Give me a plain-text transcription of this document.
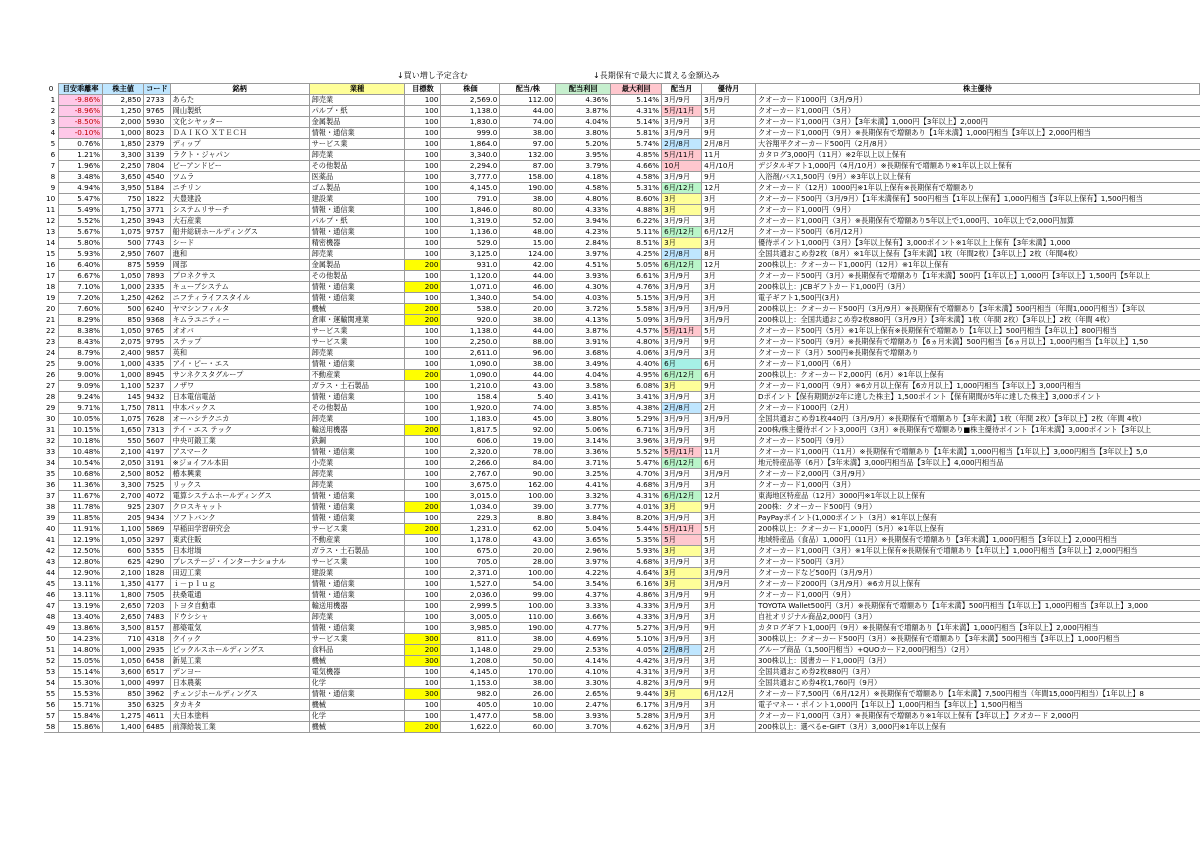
↓買い増し予定含む	↓長期保有で最大に貰える金額込み
0	目安乖離率	株主値	コード	銘柄	業種	目標数	株価	配当/株	配当利回	最大利回	配当月	優待月	株主優待
1	-9.86%	2,850	2733	あらた	卸売業	100	2,569.0	112.00	4.36%	5.14%	3月/9月	3月/9月	クオーカード1000円（3月/9月）
2	-8.96%	1,250	9765	岡山製紙	パルプ・紙	100	1,138.0	44.00	3.87%	4.31%	5月/11月	5月	クオーカード1,000円（5月）
3	-8.50%	2,000	5930	文化シヤッター	金属製品	100	1,830.0	74.00	4.04%	5.14%	3月/9月	3月	クオーカード1,000円（3月）【3年未満】1,000円【3年以上】2,000円
4	-0.10%	1,000	8023	ＤＡＩＫＯ ＸＴＥＣＨ	情報・通信業	100	999.0	38.00	3.80%	5.81%	3月/9月	9月	クオーカード1,000円（9月）※長期保有で増額あり【1年未満】1,000円相当【3年以上】2,000円相当
5	0.76%	1,850	2379	ディップ	サービス業	100	1,864.0	97.00	5.20%	5.74%	2月/8月	2月/8月	大谷翔平クオーカード500円（2月/8月）
6	1.21%	3,300	3139	ラクト・ジャパン	卸売業	100	3,340.0	132.00	3.95%	4.85%	5月/11月	11月	カタログ3,000円（11月）※2年以上以上保有
7	1.96%	2,250	7804	ビーアンドビー	その他製品	100	2,294.0	87.00	3.79%	4.66%	10月	4月/10月	デジタルギフト1,000円（4月/10月）※長期保有で増額あり※1年以上以上保有
8	3.48%	3,650	4540	ツムラ	医薬品	100	3,777.0	158.00	4.18%	4.58%	3月/9月	9月	入浴剤/バス1,500円（9月）※3年以上以上保有
9	4.94%	3,950	5184	ニチリン	ゴム製品	100	4,145.0	190.00	4.58%	5.31%	6月/12月	12月	クオーカード（12月）1000円※1年以上保有※長期保有で増額あり
10	5.47%	750	1822	大豊建設	建設業	100	791.0	38.00	4.80%	8.60%	3月	3月	クオーカード500円（3月/9月）【1年未満保有】500円相当【1年以上保有】1,000円相当【3年以上保有】1,500円相当
11	5.49%	1,750	3771	システムリサーチ	情報・通信業	100	1,846.0	80.00	4.33%	4.88%	3月	9月	クオーカード1,000円（9月）
12	5.52%	1,250	3943	大石産業	パルプ・紙	100	1,319.0	52.00	3.94%	6.22%	3月/9月	3月	クオーカード1,000円（3月）※長期保有で増額あり5年以上で1,000円、10年以上で2,000円加算
13	5.67%	1,075	9757	船井総研ホールディングス	情報・通信業	100	1,136.0	48.00	4.23%	5.11%	6月/12月	6月/12月	クオーカード500円（6月/12月）
14	5.80%	500	7743	シード	精密機器	100	529.0	15.00	2.84%	8.51%	3月	3月	優待ポイント1,000円（3月）【3年以上保有】3,000ポイント※1年以上上保有【3年未満】1,000
15	5.93%	2,950	7607	進和	卸売業	100	3,125.0	124.00	3.97%	4.25%	2月/8月	8月	全国共通おこめ券2枚（8月）※1年以上保有【3年未満】1枚（年間2枚）【3年以上】2枚（年間4枚）
16	6.40%	875	5959	岡部	金属製品	200	931.0	42.00	4.51%	5.05%	6月/12月	12月	200株以上：クオーカード1,000円（12月）※1年以上保有
17	6.67%	1,050	7893	プロネクサス	その他製品	100	1,120.0	44.00	3.93%	6.61%	3月/9月	3月	クオーカード500円（3月）※長期保有で増額あり【1年未満】500円【1年以上】1,000円【3年以上】1,500円【5年以上
18	7.10%	1,000	2335	キューブシステム	情報・通信業	200	1,071.0	46.00	4.30%	4.76%	3月/9月	3月	200株以上：JCBギフトカード1,000円（3月）
19	7.20%	1,250	4262	ニフティライフスタイル	情報・通信業	100	1,340.0	54.00	4.03%	5.15%	3月/9月	3月	電子ギフト1,500円(3月)
20	7.60%	500	6240	ヤマシンフィルタ	機械	200	538.0	20.00	3.72%	5.58%	3月/9月	3月/9月	200株以上：クオーカード500円（3月/9月）※長期保有で増額あり【3年未満】500円相当（年間1,000円相当）【3年以
21	8.29%	850	9368	キムラユニティー	倉庫・運輸関連業	200	920.0	38.00	4.13%	5.09%	3月/9月	3月/9月	200株以上：全国共通おこめ券2枚880円（3月/9月）【3年未満】1枚（年間 2枚）【3年以上】2枚（年間 4枚）
22	8.38%	1,050	9765	オオバ	サービス業	100	1,138.0	44.00	3.87%	4.57%	5月/11月	5月	クオーカード500円（5月）※1年以上保有※長期保有で増額あり【1年以上】500円相当【3年以上】800円相当
23	8.43%	2,075	9795	ステップ	サービス業	100	2,250.0	88.00	3.91%	4.80%	3月/9月	9月	クオーカード500円（9月）※長期保有で増額あり【6ヵ月未満】500円相当【6ヵ月以上】1,000円相当【1年以上】1,50
24	8.79%	2,400	9857	英和	卸売業	100	2,611.0	96.00	3.68%	4.06%	3月/9月	3月	クオーカード（3月）500円※長期保有で増額あり
25	9.00%	1,000	4335	アイ・ピー・エス	情報・通信業	100	1,090.0	38.00	3.49%	4.40%	6月	6月	クオーカード1,000円（6月）
26	9.00%	1,000	8945	サンネクスタグループ	不動産業	200	1,090.0	44.00	4.04%	4.95%	6月/12月	6月	200株以上：クオーカード2,000円（6月）※1年以上保有
27	9.09%	1,100	5237	ノザワ	ガラス・土石製品	100	1,210.0	43.00	3.58%	6.08%	3月	9月	クオーカード1,000円（9月）※6カ月以上保有【6カ月以上】1,000円相当【3年以上】3,000円相当
28	9.24%	145	9432	日本電信電話	情報・通信業	100	158.4	5.40	3.41%	3.41%	3月/9月	3月	Dポイント【保有期間が2年に達した株主】1,500ポイント【保有期間が5年に達した株主】3,000ポイント
29	9.71%	1,750	7811	中本パックス	その他製品	100	1,920.0	74.00	3.85%	4.38%	2月/8月	2月	クオーカード1000円（2月）
30	10.05%	1,075	7628	オーハシテクニカ	卸売業	100	1,183.0	45.00	3.80%	5.29%	3月/9月	3月/9月	全国共通おこめ券1枚440円（3月/9月）※長期保有で増額あり【3年未満】1枚（年間 2枚）【3年以上】2枚（年間 4枚）
31	10.15%	1,650	7313	テイ・エス テック	輸送用機器	200	1,817.5	92.00	5.06%	6.71%	3月/9月	3月	200株/株主優待ポイント3,000円（3月）※長期保有で増額あり■株主優待ポイント【1年未満】3,000ポイント【3年以上
32	10.18%	550	5607	中央可鍛工業	鉄鋼	100	606.0	19.00	3.14%	3.96%	3月/9月	9月	クオーカード500円（9月）
33	10.48%	2,100	4197	アスマーク	情報・通信業	100	2,320.0	78.00	3.36%	5.52%	5月/11月	11月	クオーカード1,000円（11月）※長期保有で増額あり【1年未満】1,000円相当【1年以上】3,000円相当【3年以上】5,0
34	10.54%	2,050	3191	※ジョイフル本田	小売業	100	2,266.0	84.00	3.71%	5.47%	6月/12月	6月	地元特産品等（6月）【3年未満】3,000円相当品【3年以上】4,000円相当品
35	10.68%	2,500	8052	椿本興業	卸売業	100	2,767.0	90.00	3.25%	4.70%	3月/9月	3月/9月	クオーカード2,000円（3月/9月）
36	11.36%	3,300	7525	リックス	卸売業	100	3,675.0	162.00	4.41%	4.68%	3月/9月	3月	クオーカード1,000円（3月）
37	11.67%	2,700	4072	電算システムホールディングス	情報・通信業	100	3,015.0	100.00	3.32%	4.31%	6月/12月	12月	東海地区特産品（12月）3000円※1年以上以上保有
38	11.78%	925	2307	クロスキャット	情報・通信業	200	1,034.0	39.00	3.77%	4.01%	3月	9月	200株：クオーカード500円（9月）
39	11.85%	205	9434	ソフトバンク	情報・通信業	100	229.3	8.80	3.84%	8.20%	3月/9月	3月	PayPayポイント(1,000ポイント（3月）※1年以上保有
40	11.91%	1,100	5869	早稲田学習研究会	サービス業	200	1,231.0	62.00	5.04%	5.44%	5月/11月	5月	200株以上：クオーカード1,000円（5月）※1年以上保有
41	12.19%	1,050	3297	東武住販	不動産業	100	1,178.0	43.00	3.65%	5.35%	5月	5月	地域特産品（食品）1,000円（11月）※長期保有で増額あり【3年未満】1,000円相当【3年以上】2,000円相当
42	12.50%	600	5355	日本坩堝	ガラス・土石製品	100	675.0	20.00	2.96%	5.93%	3月	3月	クオーカード1,000円（3月）※1年以上保有※長期保有で増額あり【1年以上】1,000円相当【3年以上】2,000円相当
43	12.80%	625	4290	プレステージ・インターナショナル	サービス業	100	705.0	28.00	3.97%	4.68%	3月/9月	3月	クオーカード500円（3月）
44	12.90%	2,100	1828	田辺工業	建設業	100	2,371.0	100.00	4.22%	4.64%	3月	3月/9月	クオーカードなど500円（3月/9月）
45	13.11%	1,350	4177	ｉ－ｐｌｕｇ	情報・通信業	100	1,527.0	54.00	3.54%	6.16%	3月	3月/9月	クオーカード2000円（3月/9月）※6カ月以上保有
46	13.11%	1,800	7505	扶桑電通	情報・通信業	100	2,036.0	99.00	4.37%	4.86%	3月/9月	9月	クオーカード1,000円（9月）
47	13.19%	2,650	7203	トヨタ自動車	輸送用機器	100	2,999.5	100.00	3.33%	4.33%	3月/9月	3月	TOYOTA Wallet500円（3月）※長期保有で増額あり【1年未満】500円相当【1年以上】1,000円相当【3年以上】3,000
48	13.40%	2,650	7483	ドウシシャ	卸売業	100	3,005.0	110.00	3.66%	4.33%	3月/9月	3月	自社オリジナル商品2,000円（3月）
49	13.86%	3,500	8157	都築電気	情報・通信業	100	3,985.0	190.00	4.77%	5.27%	3月/9月	9月	カタログギフト1,000円（9月）※長期保有で増額あり【1年未満】1,000円相当【3年以上】2,000円相当
50	14.23%	710	4318	クイック	サービス業	300	811.0	38.00	4.69%	5.10%	3月/9月	3月	300株以上：クオーカード500円（3月）※長期保有で増額あり【3年未満】500円相当【3年以上】1,000円相当
51	14.80%	1,000	2935	ピックルスホールディングス	食料品	200	1,148.0	29.00	2.53%	4.05%	2月/8月	2月	グループ商品（1,500円相当）+QUOカード2,000円相当）（2月）
52	15.05%	1,050	6458	新晃工業	機械	300	1,208.0	50.00	4.14%	4.42%	3月/9月	3月	300株以上：図書カード1,000円（3月）
53	15.14%	3,600	6517	デンヨー	電気機器	100	4,145.0	170.00	4.10%	4.31%	3月/9月	3月	全国共通おこめ券2枚880円（3月）
54	15.30%	1,000	4997	日本農薬	化学	100	1,153.0	38.00	3.30%	4.82%	3月/9月	9月	全国共通おこめ券4枚1,760円（9月）
55	15.53%	850	3962	チェンジホールディングス	情報・通信業	300	982.0	26.00	2.65%	9.44%	3月	6月/12月	クオーカード7,500円（6月/12月）※長期保有で増額あり【1年未満】7,500円相当（年間15,000円相当）【1年以上】8
56	15.71%	350	6325	タカキタ	機械	100	405.0	10.00	2.47%	6.17%	3月/9月	3月	電子マネー・ポイント1,000円【1年以上】1,000円相当【3年以上】1,500円相当
57	15.84%	1,275	4611	大日本塗料	化学	100	1,477.0	58.00	3.93%	5.28%	3月/9月	3月	クオーカード1,000円（3月）※長期保有で増額あり※1年以上保有【3年以上】クオカード 2,000円
58	15.86%	1,400	6485	前澤給装工業	機械	200	1,622.0	60.00	3.70%	4.62%	3月/9月	3月	200株以上：選べるe-GIFT（3月）3,000円※1年以上保有
